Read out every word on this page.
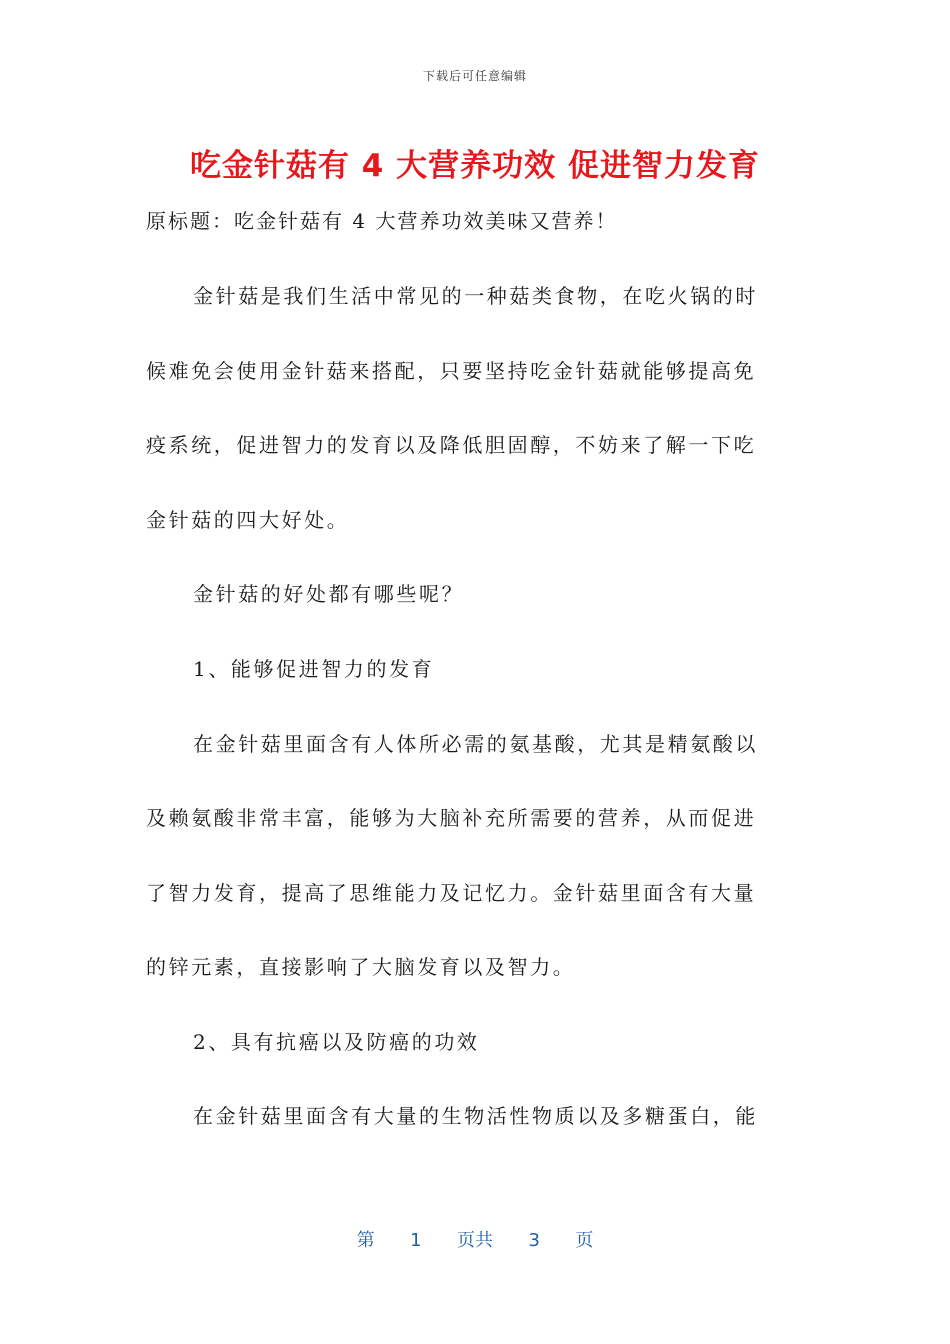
下载后可任意编辑
吃金针菇有 4 大营养功效 促进智力发育
原标题：吃金针菇有 4 大营养功效美味又营养！
金针菇是我们生活中常见的一种菇类食物，在吃火锅的时
候难免会使用金针菇来搭配，只要坚持吃金针菇就能够提高免
疫系统，促进智力的发育以及降低胆固醇，不妨来了解一下吃
金针菇的四大好处。
金针菇的好处都有哪些呢？
1、能够促进智力的发育
在金针菇里面含有人体所必需的氨基酸，尤其是精氨酸以
及赖氨酸非常丰富，能够为大脑补充所需要的营养，从而促进
了智力发育，提高了思维能力及记忆力。金针菇里面含有大量
的锌元素，直接影响了大脑发育以及智力。
2、具有抗癌以及防癌的功效
在金针菇里面含有大量的生物活性物质以及多糖蛋白，能
第 1 页共 3 页
